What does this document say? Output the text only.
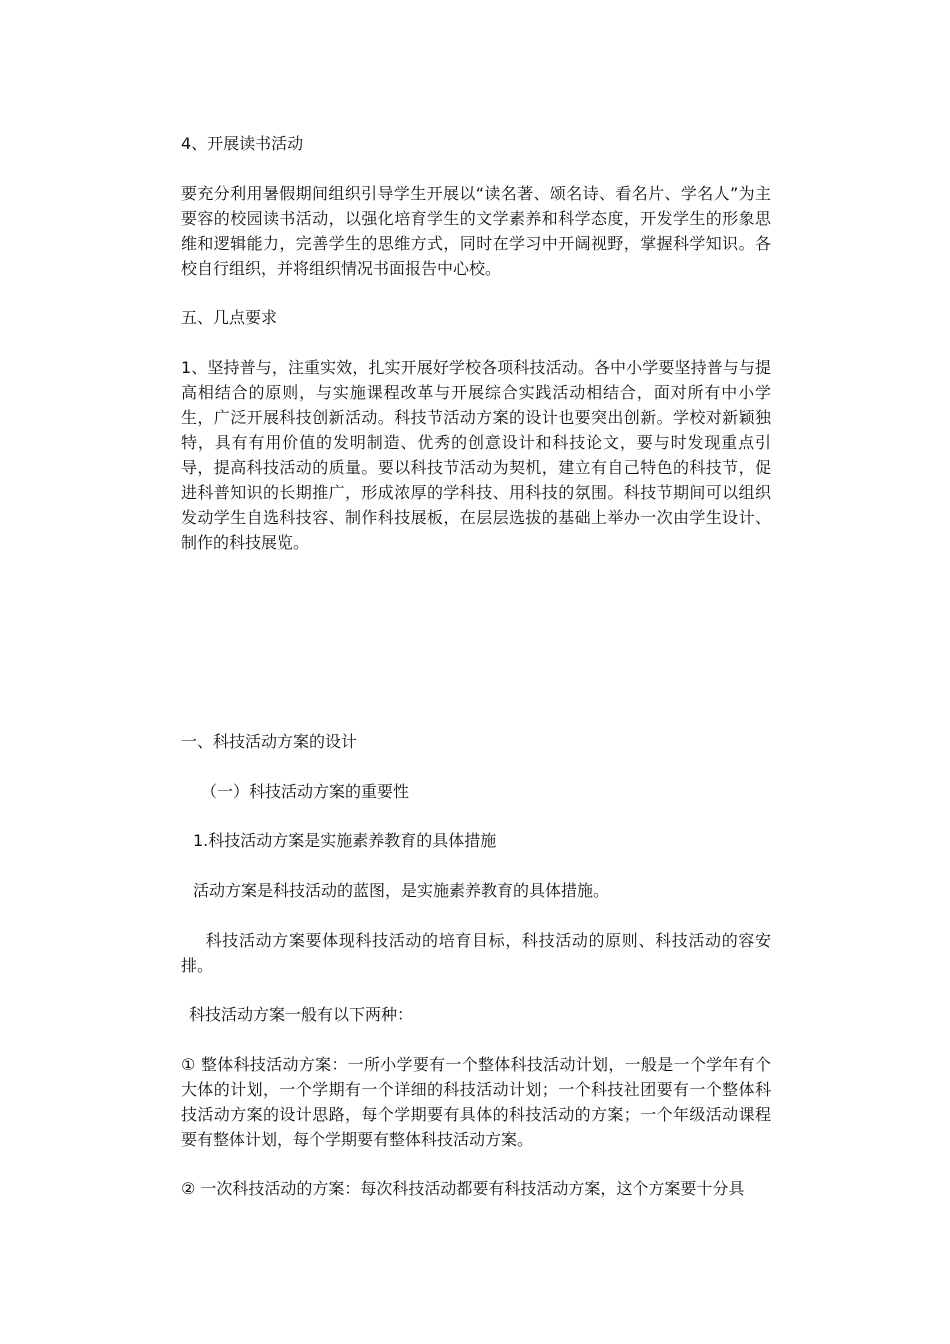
4、开展读书活动

要充分利用暑假期间组织引导学生开展以“读名著、颂名诗、看名片、学名人”为主要容的校园读书活动，以强化培育学生的文学素养和科学态度，开发学生的形象思维和逻辑能力，完善学生的思维方式，同时在学习中开阔视野，掌握科学知识。各校自行组织，并将组织情况书面报告中心校。

五、几点要求

1、坚持普与，注重实效，扎实开展好学校各项科技活动。各中小学要坚持普与与提高相结合的原则，与实施课程改革与开展综合实践活动相结合，面对所有中小学生，广泛开展科技创新活动。科技节活动方案的设计也要突出创新。学校对新颖独特，具有有用价值的发明制造、优秀的创意设计和科技论文，要与时发现重点引导，提高科技活动的质量。要以科技节活动为契机，建立有自己特色的科技节，促进科普知识的长期推广，形成浓厚的学科技、用科技的氛围。科技节期间可以组织发动学生自选科技容、制作科技展板，在层层选拔的基础上举办一次由学生设计、制作的科技展览。

一、科技活动方案的设计

（一）科技活动方案的重要性

1.科技活动方案是实施素养教育的具体措施

活动方案是科技活动的蓝图，是实施素养教育的具体措施。

科技活动方案要体现科技活动的培育目标，科技活动的原则、科技活动的容安排。

科技活动方案一般有以下两种：

① 整体科技活动方案：一所小学要有一个整体科技活动计划，一般是一个学年有个大体的计划，一个学期有一个详细的科技活动计划；一个科技社团要有一个整体科技活动方案的设计思路，每个学期要有具体的科技活动的方案；一个年级活动课程要有整体计划，每个学期要有整体科技活动方案。

② 一次科技活动的方案：每次科技活动都要有科技活动方案，这个方案要十分具
